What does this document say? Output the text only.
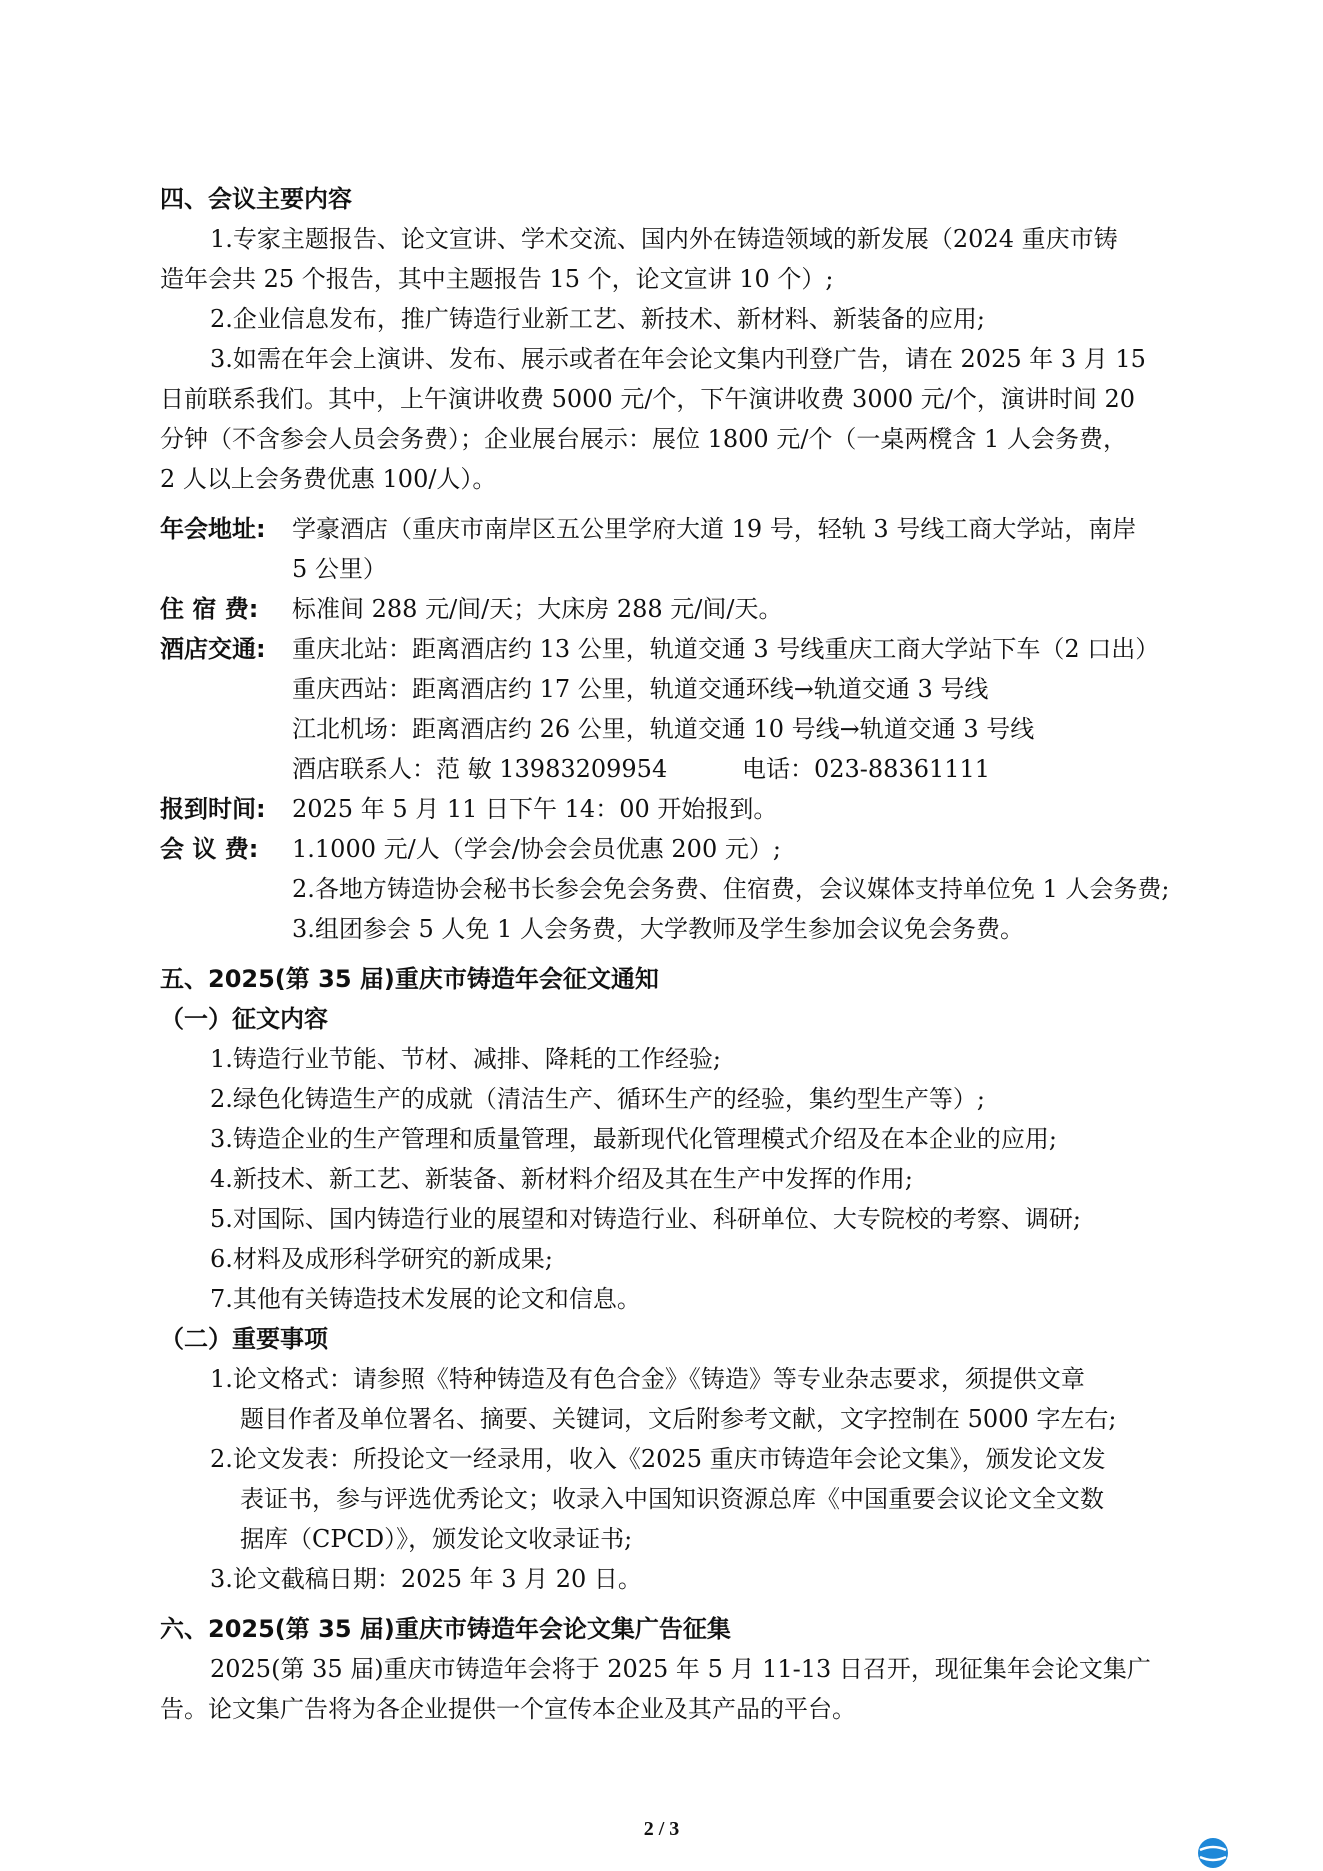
四、会议主要内容
1.专家主题报告、论文宣讲、学术交流、国内外在铸造领域的新发展（2024 重庆市铸
造年会共 25 个报告，其中主题报告 15 个，论文宣讲 10 个）;
2.企业信息发布，推广铸造行业新工艺、新技术、新材料、新装备的应用;
3.如需在年会上演讲、发布、展示或者在年会论文集内刊登广告，请在 2025 年 3 月 15
日前联系我们。其中，上午演讲收费 5000 元/个，下午演讲收费 3000 元/个，演讲时间 20
分钟（不含参会人员会务费）；企业展台展示：展位 1800 元/个（一桌两櫈含 1 人会务费，
2 人以上会务费优惠 100/人）。
年会地址: 学豪酒店（重庆市南岸区五公里学府大道 19 号，轻轨 3 号线工商大学站，南岸
5 公里）
住 宿 费: 标准间 288 元/间/天；大床房 288 元/间/天。
酒店交通: 重庆北站：距离酒店约 13 公里，轨道交通 3 号线重庆工商大学站下车（2 口出）
重庆西站：距离酒店约 17 公里，轨道交通环线→轨道交通 3 号线
江北机场：距离酒店约 26 公里，轨道交通 10 号线→轨道交通 3 号线
酒店联系人：范 敏 13983209954	电话：023-88361111
报到时间: 2025 年 5 月 11 日下午 14：00 开始报到。
会 议 费: 1.1000 元/人（学会/协会会员优惠 200 元）;
2.各地方铸造协会秘书长参会免会务费、住宿费，会议媒体支持单位免 1 人会务费;
3.组团参会 5 人免 1 人会务费，大学教师及学生参加会议免会务费。
五、2025(第 35 届)重庆市铸造年会征文通知
（一）征文内容
1.铸造行业节能、节材、减排、降耗的工作经验;
2.绿色化铸造生产的成就（清洁生产、循环生产的经验，集约型生产等）;
3.铸造企业的生产管理和质量管理，最新现代化管理模式介绍及在本企业的应用;
4.新技术、新工艺、新装备、新材料介绍及其在生产中发挥的作用;
5.对国际、国内铸造行业的展望和对铸造行业、科研单位、大专院校的考察、调研;
6.材料及成形科学研究的新成果;
7.其他有关铸造技术发展的论文和信息。
（二）重要事项
1.论文格式：请参照《特种铸造及有色合金》《铸造》等专业杂志要求，须提供文章
题目作者及单位署名、摘要、关键词，文后附参考文献，文字控制在 5000 字左右;
2.论文发表：所投论文一经录用，收入《2025 重庆市铸造年会论文集》，颁发论文发
表证书，参与评选优秀论文；收录入中国知识资源总库《中国重要会议论文全文数
据库（CPCD）》，颁发论文收录证书;
3.论文截稿日期：2025 年 3 月 20 日。
六、2025(第 35 届)重庆市铸造年会论文集广告征集
2025(第 35 届)重庆市铸造年会将于 2025 年 5 月 11-13 日召开，现征集年会论文集广
告。论文集广告将为各企业提供一个宣传本企业及其产品的平台。
2 / 3
